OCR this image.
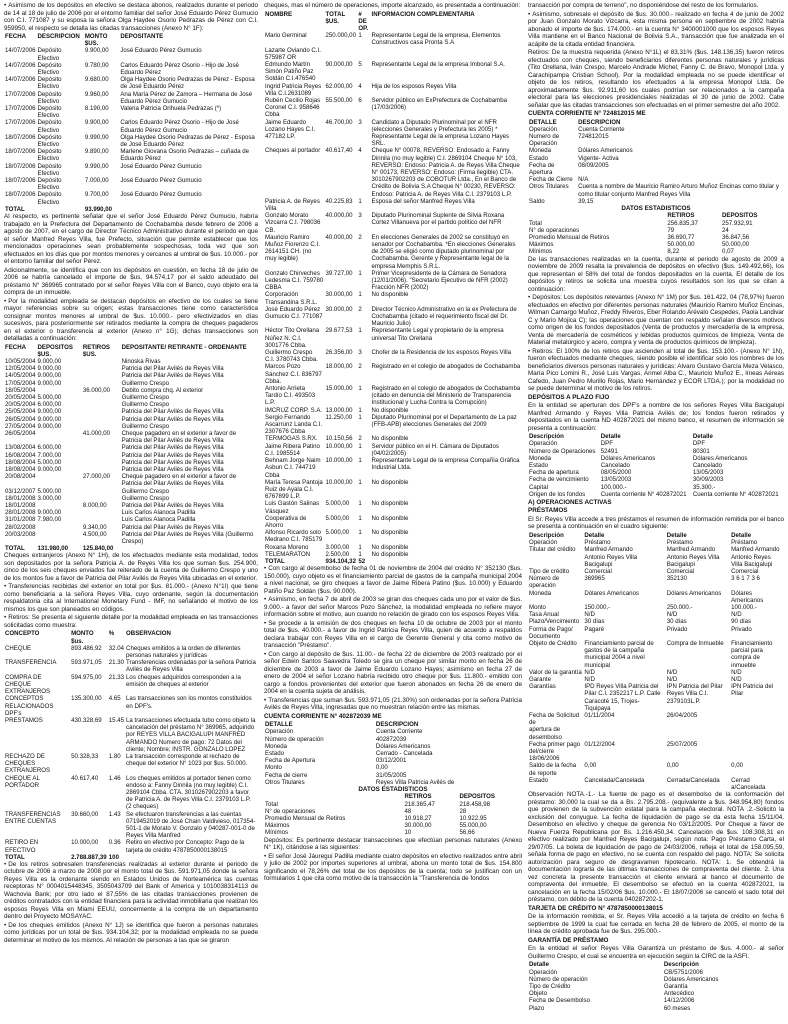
• Asimismo de los depósitos en efectivo se destaca abonos, realizados durante el periodo de 14 al 18 de julio de 2006 por el entorno familiar del señor José Eduardo Pérez Gumucio con C.I. 771087 y su esposa la señora Olga Haydee Osorio Pedrazas de Pérez con C.I. 959950, el respecto se detalla las citadas transacciones (Anexo N° 1F):

FECHA	DESCRIPCION	MONTO $US.	DEPOSITANTE
14/07/2006	Depósito Efectivo	9.900,00	José Eduardo Pérez Gumucio
14/07/2006	Depósito Efectivo	9.780,00	Carlos Eduardo Pérez Osorio - Hijo de José Eduardo Pérez
14/07/2006	Depósito Efectivo	9.680,00	Olga Haydee Osorio Pedrazas de Pérez - Esposa de José Eduardo Pérez
17/07/2006	Depósito Efectivo	9.960,00	Ana María Pérez de Zamora – Hermana de José Eduardo Pérez Gumucio
17/07/2006	Depósito Efectivo	8.190,00	Valeria Patricia Orihuela Pedrazas (*)
17/07/2006	Depósito Efectivo	9.900,00	Carlos Eduardo Pérez Osorio - Hijo de José Eduardo Pérez Gumucio
18/07/2006	Depósito Efectivo	9.990,00	Olga Haydee Osorio Pedrazas de Pérez - Esposa de José Eduardo Pérez
18/07/2006	Depósito Efectivo	9.890,00	Marlene Giovana Osorio Pedrazas – cuñada de Eduardo Pérez
18/07/2006	Depósito Efectivo	9.990,00	José Eduardo Pérez Gumucio
18/07/2006	Depósito Efectivo	7.000,00	José Eduardo Pérez Gumucio
18/07/2006	Depósito Efectivo	9.700,00	José Eduardo Pérez Gumucio
TOTAL		93.990,00	

Al respecto, es pertinente señalar que el señor José Eduardo Pérez Gumucio, habría trabajado en la Prefectura del Departamento de Cochabamba desde febrero de 2006 a agosto de 2007, en el cargo de Director Técnico Administrativo durante el periodo en que el señor Manfred Reyes Villa, fue Prefecto, situación que permite establecer que los mencionados operaciones sean probablemente sospechosas, toda vez que son efectuados en los días que por montos menores y cercanos al umbral de $us. 10.000.- por el entorno familiar del señor Pérez.

Adicionalmente, se identifica que con los depósitos en cuestión, en fecha 18 de julio de 2006 se habría cancelado el importe de $us. 94.574,17 por el saldo adeudado del préstamo N° 369965 contratado por el señor Reyes Villa con el Banco, cuyo objeto era la compra de un inmueble.

• Por la modalidad empleada se destacan depósitos en efectivo de los cuales se tiene mayor referencias sobre su origen; estas transacciones tiene como característica consignar montos menores al umbral de $us. 10.000.- pero efectivizados en días sucesivos, para posteriormente ser retirados mediante la compra de cheques pagaderos en el exterior o transferencia al exterior (Anexo n° 1G); dichas transacciones son detalladas a continuación:

FECHA	DEPOSITOS $US.	RETIROS $US.	DEPOSITANTE/ RETIRANTE - ORDENANTE
10/05/2004	9.000,00		Ninoska Rivas
12/05/2004	9.000,00		Patricia del Pilar Avilés de Reyes Villa
14/05/2004	9.000,00		Patricia del Pilar Avilés de Reyes Villa
17/05/2004	9.000,00		Guillermo Crespo
18/05/2004		36.000,00	Debito compra chq. Al exterior
20/05/2004	5.000,00		Guillermo Crespo
20/05/2004	6.000,00		Guillermo Crespo
25/05/2004	9.000,00		Patricia del Pilar Avilés de Reyes Villa
26/05/2004	9.000,00		Patricia del Pilar Avilés de Reyes Villa
27/05/2004	9.000,00		Guillermo Crespo
26/05/2004		41.000,00	Cheque pagadero en el exterior a favor de Patricia del Pilar Avilés de Reyes Villa
13/08/2004	6.000,00		Patricia del Pilar Avilés de Reyes Villa
16/08/2004	7.000,00		Patricia del Pilar Avilés de Reyes Villa
18/08/2004	5.000,00		Patricia del Pilar Avilés de Reyes Villa
18/08/2004	9.000,00		Patricia del Pilar Avilés de Reyes Villa
20/08/2004		27.000,00	Cheque pagadero en el exterior a favor de Patricia del Pilar Avilés de Reyes Villa
03/12/2007	5.000,00		Guillermo Crespo
18/01/2008	3.000,00		Guillermo Crespo
18/01/2008		8.000,00	Patricia del Pilar Avilés de Reyes Villa
28/01/2008	9.000,00		Luis Carlos Alanoca Padilla
31/01/2008	7.980,00		Luis Carlos Alanoca Padilla
28/02/2008		9.340,00	Patricia del Pilar Avilés de Reyes Villa
20/03/2008		4.500,00	Patricia del Pilar Avilés de Reyes Villa (Guillermo Crespo)
TOTAL	131.980,00	125.840,00	

Cheques extranjeros (Anexo N° 1H), de los efectuados mediante esta modalidad, todos son depositados por la señora Patricia A. de Reyes Villa los que suman $us. 254.900, cinco de los seis cheques enviados fue reiterado de la cuenta de Guillermo Crespo y uno de los montos fue a favor de Patricia del Pilar Avilés de Reyes Villa ubicadas en el exterior.

• Transferencias recibidas del exterior en total por $us. 81.000.- (Anexo N°1I) que tiene como beneficiaria a la señora Reyes Villa, cuyo ordenante, según la documentación respaldatoria cita al International Monetary Fund - IMF, no señalando el motivo de los mismos los que son planeados en códigos.

• Retiros: Se presenta el siguiente detalle por la modalidad empleada en las transacciones solicitadas como muestra:

CONCEPTO	MONTO $us.	%	OBSERVACION
CHEQUE	893.486,92	32.04	Cheques emitidos a la orden de diferentes personas naturales y jurídicas
TRANSFERENCIA	593.971,05	21.30	Transferencias ordenadas por la señora Patricia Avilés de Reyes Villa
COMPRA DE CHEQUE EXTRANJEROS	594.975,00	21.33	Los cheques adquiridos corresponden a la emisión de cheques al exterior
CONCEPTOS RELACIONADOS DPF's	135.300,00	4.65	Las transacciones son los montos constituidos en DPF's.
PRESTAMOS	430.328,69	15.45	La transacciones efectuada tubo como objeto la cancelación del préstamo N° 369965, adquirido por REYES VILLA BACIGALUPI MANFRED ARMANDO Numero de pago: 72 Datos del cliente; Nombre; INSTR. GONZALO LOPEZ
RECHAZO DE CHEQUES EXTRANJEROS	50.328,33	1.80	La transacción corresponde al rechazo de cheque del exterior N° 1023 por $us. 50.000.
CHEQUE AL PORTADOR	40.617,40	1.46	Los cheques emitidos al portador tienen como endoso a: Fanny Dinnila (no muy legible) C.I. 2869104 Cbba. CTA. 3010267902203 a favor de Patricia A. de Reyes Villa C.I. 2379103 L.P. (2 cheques)
TRANSFERENCIAS ENTRE CUENTAS	39.660,00	1.43	Se efectuaron transferencias a las cuentas 0719452019 de José Chain Valdivieso, 017354-501-1 de Morato V. Gonzalo y 040287-001-0 de Reyes Villa Manfred
RETIRO EN EFECTIVO	10.000,00	0.36	Retiro en efectivo por Concepto: Pago de la tarjeta de crédito 4787850000138015
TOTAL	2.788.887,39	100	

• De los retiros sobresalen transferencias realizadas al exterior durante el periodo de octubre de 2006 a marzo de 2008 por el monto total de $us. 591.971,05 donde la señora Reyes Villa es la ordenante siendo en Estados Unidos de Norteamérica las cuentas receptoras N° 0004015448345, 3505043709 del Bank of America y 1010038314113 de Wachovia Bank; por otro lado el 87,55% de las citadas transacciones provienen de créditos contratados con la entidad financiera para la actividad inmobiliaria que realizan los esposos Reyes Villa en Miami EEUU, concerniente a la compra de un departamento dentro del Proyecto MOSAYAC.

• De los cheques emitidos (Anexo N° 1J) se identifica que fueron a personas naturales como jurídicas por un total de $us. 934.104,32; por la modalidad empleada no se puede determinar el motivo de los mismos. Al relación de personas a las que se giraron

cheques, mas el número de operaciones, importe alcanzado, es presentada a continuación:

NOMBRE	TOTAL $US.	# DE OP.	INFORMACION COMPLEMENTARIA
Mario Germinal	250.000,00	1	Representante Legal de la empresa, Elementos Constructivos casa Pronta S.A
Lazarte Oviando C.I. 575987 OR			
Edmundo Martín Simón Patiño Paz Soldán C.I.476540	90.000,00	5	Representante Legal de la empresa Imbonal S.A.
Ingrid Patricia Reyes Villa C.I.2631089	62.000,00	4	Hija de los esposos Reyes Villa
Rubén Cecilio Rojas Coronel C.I. 958646 Cbba	55.500,00	6	Servidor público en ExPrefectura de Cochabamba (17/03/2006)
Jaime Eduardo Lozano Hayes C.I. 477182 LP.	46.700,00	3	Candidato a Diputado Plurinominal por el NFR (elecciones Generales y Prefectura les 2005) * Representante Legal de la empresa Lozano Hayes SRL.
Cheques al portador	40.617,40	4	Cheque N° 00078, REVERSO: Endosado a: Fanny Dinnila (no muy legible) C.I. 2869104 Cheque N° 103, REVERSO: Endoso: Patricia A. de Reyes Villa Cheque N° 00173, REVERSO: Endoso: (Firma ilegible) CTA. 3010267902203 de COBOTUR Ltda., En el Banco de Crédito de Bolivia S.A Cheque N° 00230, REVERSO: Endoso: Patricia A. de Reyes Villa C.I. 2379103 L.P.
Patricia A. de Reyes Villa	40.225,83	1	Esposa del señor Manfred Reyes Villa
Gonzalo Morato Vizcarra C.I. 798036 CB.	40.000,00	3	Diputado Plurinominal Suplente de Silvia Roxana Cortez Villanueva por el partido político del NFR
Mauricio Ramiro Muñoz Fiorenzo C.I. 2614151 CH. (no muy legible)	40.000,00	2	En elecciones Generales de 2002 se constituyó en senador por Cochabamba. *En elecciones Generales de 2005 se eligió como diputado plurinominal por Cochabamba. Gerente y Representante legal de la empresa Memphis S.R.L.
Gonzalo Chirveches Ledesma C.I. 759780 CBBA	39.727,00	1	Primer Vicepresidente de la Cámara de Senadora (12/01/2006). "Secretario Ejecutivo de NFR (2002) Fracción NFR (2002)
Corporación Transandina S.R.L.	30.000,00	1	No disponible
José Eduardo Pérez Gumucio C.I. 771087	30.000,00	2	Director Técnico Administrativo en la ex Prefectura de Cochabamba (citado el requerimiento fiscal del Dr. Mauricio Julio)
Héctor Tito Orellana Núñez N. C.I. 3001776 Cbba.	29.677,53	1	Representante Legal y propietario de la empresa universal Tito Orellana
Guillermo Crespo C.I. 3780743 Cbba.	26.356,00	3	Chofer de la Residencia de los esposos Reyes Villa
Marcos Pozo Sánchez C.I. 836797 Cbba.	18.000,00	2	Registrado en el colegio de abogados de Cochabamba
Antonio Arrieta Tardío C.I. 493503 L.P.	15.000,00	1	Registrado en el colegio de abogados de Cochabamba (citado en denuncia del Ministerio de Transparencia Institucional y Lucha Contra la Corrupción)
IMCRUZ CORP. S.A.	13.000,00	1	No disponible
Sergio Fernando Ascarrunz Landa C.I. 2307676 Cbba	11.250,00	1	Diputado Plurinominal por el Departamento de La paz (FFB-APB) elecciones Generales del 2009
TERMOGAS S.RX.	10.150,56	2	No disponible
Jaime Ribera Patino C.I. 1985514	10.000,00	1	Servidor público en el H. Cámara de Diputados (04/02/2005)
Behnam Jorge Naim Asbun C.I. 744719 Cbba	10.000,00	1	Representante Legal de la empresa Compañía Gráfica Industrial Ltda.
María Teresa Pantoja Ruiz de Ayala C.I. 6767899 L.P.	10.000,00	1	No disponible
Luis Gastón Salinas Vásquez	5.000,00	1	No disponible
Cooperativa de Ahorro	5.000,00	1	No disponible
Alfonso Ricardo solo	5.000,00	1	No disponible
Medrano C.I. 785179			
Roxana Moreno	3.000,00	1	No disponible
TELEMARATON	2.500,00	1	No disponible
TOTAL	934.104,32	52	

• Con cargo al desembolso de fecha 01 de noviembre de 2004 del crédito N° 352130 ($us. 150.000), cuyo objeto es el financiamiento parcial de gastos de la campaña municipal 2004 a nivel nacional, se giro cheques a favor de Jaime Ribera Patino ($us. 10.000) y Eduardo Patiño Paz Soldán ($us. 90.000).

• Asimismo, en fecha 7 de abril de 2003 se giran dos cheques cada uno por el valor de $us. 9.000.- a favor del señor Marcos Pozo Sánchez, la modalidad empleada no refiere mayor información sobre el motivo, aun cuando no relación de girado con los esposos Reyes Villa.

• Se procede a la emisión de dos cheques en fecha 10 de octubre de 2003 por el monto total de $us. 40.000.- a favor de Ingrid Patricia Reyes Villa, quien de acuerdo a respaldos declara trabajar con Reyes Villa en el cargo de Gerente General y cita como motivo de transacción "Préstamo".

• Con cargo al depósito de $us. 11.00.- de fecha 22 de diciembre de 2003 realizado por el señor Edwin Santos Saavedra Toledo se gira un cheque por similar monto en fecha 26 de diciembre de 2003 a favor de Jaime Eduardo Lozano Hayes; asimismo en fecha 27 de enero de 2004 el señor Lozano habría recibido otro cheque por $us. 11.800.- emitido con cargo a fondos provenientes del exterior que fueron abonados en fecha 26 de enero de 2004 en la cuenta sujeta de análisis.

• Transferencias que suman $us. 593.971,05 (21.30%) son ordenadas por la señora Patricia Avilés de Reyes Villa, ingresadas que no muestran relación entre las mismas.

CUENTA CORRIENTE N° 402872039 ME
DETALLE	DESCRIPCION
Operación	Cuenta Corriente
Número de operación	402872039
Moneda	Dólares Americanos
Estado	Cerrado - Cancelada
Fecha de Apertura	03/12/2001
Monto	0,00
Fecha de cierre	31/05/2005
Otros Titulares	Reyes Villa Patricia Avilés de
DATOS ESTADISTICOS
	RETIROS	DEPOSITOS
Total	218.365,47	218.458,98
N° de operaciones	48	28
Promedio Mensual de Retiros	10.918,27	10.922,95
Máximos	30.000,00	55.000,00
Mínimos	10	56,66

Depósitos: Es pertinente destacar transacciones que efectúan personas naturales (Anexo N° 1K), citándose a las siguientes:

• El señor José Jáuregui Padilla mediante cuatro depósitos en efectivo realizados entre abril y julio de 2002 por importes superiores al umbral, abona un monto total de $us. 154.800 significando el 78,26% del total de los depósitos de la cuenta; todo se justifican con un formularios 1 que cita como motivo de la transacción la "Transferencia de fondos

transacción por compra de terreno", no disponiéndose del resto de los formularios.

• Asimismo, sobresale el depósito de $us. 30.000.- realizado en fecha 4 de junio de 2002 por Juan Gonzalo Morato Vizcarra, esta misma persona en septiembre de 2002 habría abonado el importe de $us. 174.000.- en la cuenta N° 3400001000 que los esposos Reyes Villa mantiene en el Banco Nacional de Bolivia S.A., transacción que fue analizada en el acápite de la citada entidad financiera.

Retiros: De la muestra requerida (Anexo N°1L) el 83,31% ($us. 148.136,35) fueron retiros efectuados con cheques, siendo beneficiarios diferentes personas naturales y jurídicas (Tito Orellana, Iván Crespo, Marcelo Andrade Michel, Fanny C. de Bravo, Monopol Ltda. y Carachipampa Cristian School). Por la modalidad empleada no se puede identificar el objeto de los retiros, resultando los efectuados a la empresa Monopol Ltda. De aproximadamente $us. 92.911,60 los cuales podrían ser relacionados a la campaña electoral para las elecciones presidenciales realizadas el 30 de junio de 2002. Cabe señalar que las citadas transacciones son efectuadas en el primer semestre del año 2002.

CUENTA CORRIENTE N° 724812015 ME
DETALLE	DESCRIPCION
Operación	Cuenta Corriente
Numero de Operación	724812015
Moneda	Dólares Americanos
Estado	Vigente- Activa
Fecha de Apertura	08/09/2005
Fecha de Cierre	N/A
Otros Titulares	Cuenta a nombre de Mauricio Ramiro Arturo Muñoz Encinas como titular y como titular conjunto Manfred Reyes Villa
Saldo	39,15
DATOS ESTADISTICOS
	RETIROS	DEPOSITOS
Total	256.835,37	257.932,91
N° de operaciones	79	24
Promedio Mensual de Retiros	36.690,77	36.847,56
Máximos	50.000,00	50.000,00
Mínimos	8,22	0,07

De las transacciones realizadas en la cuenta, durante el periodo de agosto de 2009 a noviembre de 2009 resalta la prevalencia de depósitos en efectivo ($us. 149.492,66), los que representan el 58% del total de fondos depositados en la cuenta. El detalle de los depósitos y retiros se solicita una muestra cuyos resultados son los que se citan a continuación:

• Depósitos: Los depósitos relevantes (Anexo N° 1M) por $us. 161.422, 04 (78,97%) fueron efectuados en efectivo por diferentes personas naturales (Mauricio Ramiro Muñoz Encinas, Wilman Camargo Muñoz, Freddy Riveros, Eber Rolando Arévalo Cespedes, Paola Landivar C y Mario Mojica C); las operaciones que cuentan con respaldo señalan diversos motivos como origen de los fondos depositados (Venta de productos y mercadería de la empresa, Venta de mercadería de cosméticos y lebidas productos químicos de limpieza, Venta de Material metalúrgico y acero, compra y venta de productos químicos de limpieza).

• Retiros: El 100% de los retiros que ascienden al total de $us. 153.100.- (Anexo N° 1N), fueron efectuados mediante cheques, siendo posible el identificar solo los nombres de los beneficiarios diversos personas naturales y jurídicas: Alvaro Gustavo García Meza Velasco, María Pico Lomini R., José Luis Vargas, Anmel Alba C., Mauricio Muñoz E., líneas Aéreas Cafedo, Juan Pedro Murillo Rojas, Mario Hernández y ECOR LTDA.); por la modalidad no se puede determinar el motivo de los retiros.

DEPÓSITOS A PLAZO FIJO

En la entidad se aperturan dos DPF's a nombre de los señores Reyes Villa Bacigalupi Manfred Armando y Reyes Villa Patricia Avilés de; los fondos fueron retirados y depositados en la cuenta ND 402872021 del mismo banco, el resumen de información se presenta a continuación:

Descripción	Detalle	Detalle
Operación	DPF	DPF
Número de Operaciones	52491	80301
Moneda	Dólares Americanos	Dólares Americanos
Estado	Cancelado	Cancelado
Fecha de apertura	08/05/2000	13/05/2003
Fecha de vencimiento	13/05/2003	30/09/2003
Capital	100.000.-	35.300.-
Origen de los fondos	Cuenta corriente N° 402872021	Cuenta corriente N° 402872021
A) OPERACIONES ACTIVAS
PRÉSTAMOS

El Sr. Reyes Villa accede a tres préstamos el resumen de información remitida por el banco se presenta a continuación en el cuadro siguiente:

Descripción	Detalle	Detalle	Detalle
Operación	Préstamo	Préstamo	Préstamo
Titular del crédito	Manfred Armando	Manfred Armando	Manfred Armando
	Antonio Reyes Villa Bacigalupi	Antonio Reyes Villa Bacigalupi	Antonio Reyes Villa Bacigalupi
Tipo de crédito	Comercial	Comercial	Comercial
Número de operación	369965	352130	3 6 1 7 3 6
Moneda	Dólares Americanos	Dólares Americanos	Dólares Americanos
Monto	150.000,-	250.000.-	100.000.-
Tasa Anual	N/D	N/D	N/D
Plazo/Vencimiento	30 días	30 días	90 días
Forma de Pago/ Documento	Pagaré	Privado	Privado
Objeto de Crédito	Financiamiento parcial de gastos de la campaña municipal 2004 a nivel municipal	Compra de Inmueble	Financiamiento parcial para compra de inmueble
Valor de la garantía	N/D	N/D	N/D
Garante	N/D	N/D	N/D
Garantías	IPD Reyes Villa Patricia del Pilar C.I. 2352217 L.P. Calle Caracoté 15, Trojes-Tiquipaya	IPN Patricia del Pilar Reyes Villa C.I. 2379103L.P.	IPN Patricia del Pilar
Fecha de Solicitud de	01/11/2004	26/04/2005	
apertura de desembolso			
Fecha primer pago del/cierre	01/12/2004	25/07/2005	
18/06/2006			
Saldo de la fecha de reporte	0,00	0,00	0,00
Estado	Cancelada/Cancelada	Cerrada/Cancelada	Cerrad a/Cancelada

Observación NOTA.-1.- La fuente de pago es el desembolso de la conformación del préstamo: 30.000 la cual se da a Bs. 2.795.208.- (equivalente a $us. 348.954,80) fondos que provienen de la subvención estatal para la campaña electoral. NOTA .2.-Solicitó la exclusión del conyugue. La fecha de liquidación de pago se da esta fecha 15/11/04. Desembolso en efectivo y cheque de gerencia No 03/12/2005. Por Cheque a favor de Nueva Fuerza Republicana por Bs. 1.216.450,34. Cancelación de $us. 108.308,31 en efectivo realizado por Manfred Reyes Bacigalupi, según nota: Pago Préstamo Carta, el 29/07/05. La boleta de liquidación de pago de 24/03/2006, refleja el total de 158.095,59, señala forma de pago en efectivo, no se cuenta con respaldo del pago. NOTA: Se solicita autorización para seguro de desgravamen hipotecario. NOTA: 1. Se obtendrá la documentación lograrla de las últimas transacciones de compraventa del cliente. 2. Una vez concreta la presente transacción el cliente enviará al banco el documento de compraventa del inmueble. El desembolso se efectuó en la cuenta 402872021, la cancelación en la fecha 15/02/06 $us. 10.000.- El 18/07/2006 se canceló el sado total del préstamo, con débito de la cuenta 040287202-1.

TARJETA DE CRÉDITO N° 4787850000138015

De la información remitida, el Sr. Reyes Villa accedió a la tarjeta de crédito en fecha 6 septiembre de 1999 la cual fue cerrada en fecha 28 de febrero de 2005, el monto de la línea de crédito aprobada fue de $us. 295.000.-

GARANTÍA DE PRÉSTAMO

En la entidad el señor Reyes Villa Garantiza un préstamo de $us. 4.000.- al señor Guillermo Crespo, el cual se encuentra en ejecución según la CIRC de la ASFI.

Detalle	Descripción
Operación	CB/5751/2006
Número de operación	Dólares Americanos
Tipo de Crédito	Garantía
Objeto	Antecédico
Fecha de Desembolso	14/12/2006
Plazo	60 meses
